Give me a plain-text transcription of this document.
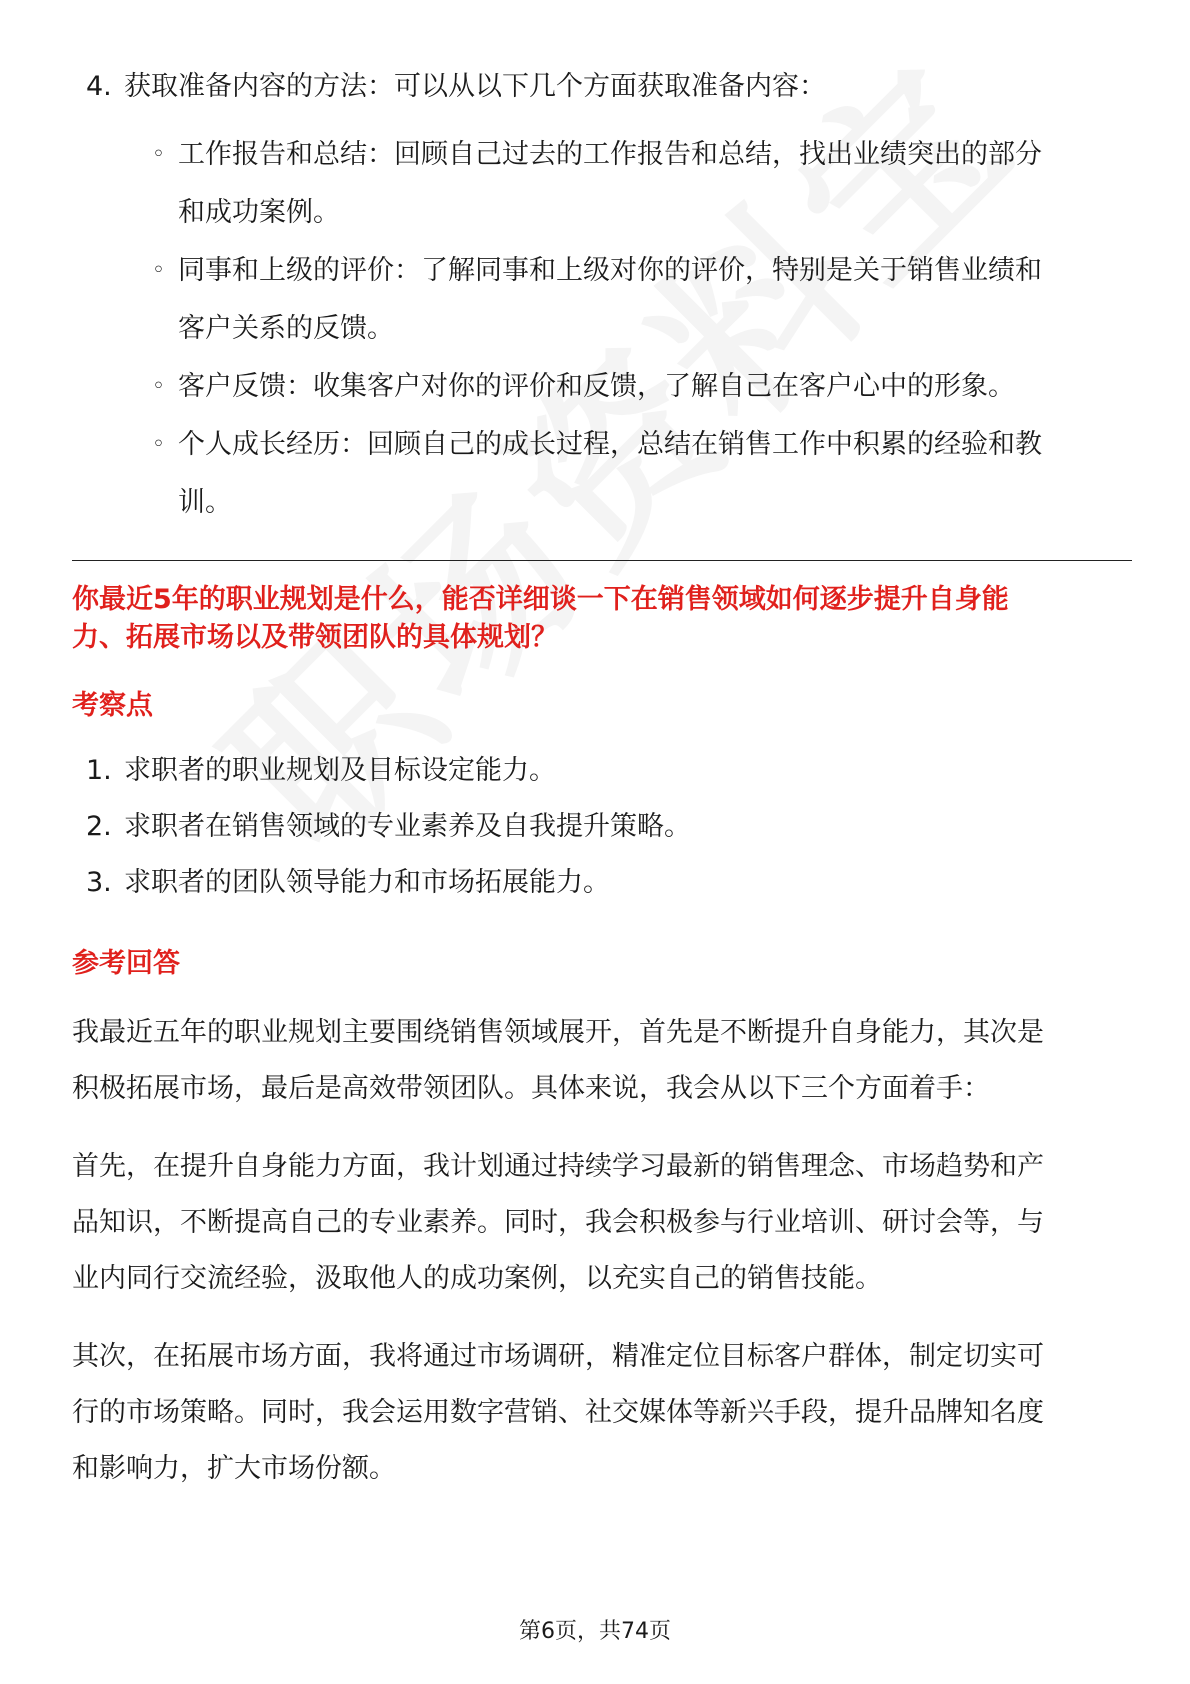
4. 获取准备内容的方法：可以从以下几个方面获取准备内容：
◦ 工作报告和总结：回顾自己过去的工作报告和总结，找出业绩突出的部分
和成功案例。
◦ 同事和上级的评价：了解同事和上级对你的评价，特别是关于销售业绩和
客户关系的反馈。
◦ 客户反馈：收集客户对你的评价和反馈，了解自己在客户心中的形象。
◦ 个人成长经历：回顾自己的成长过程，总结在销售工作中积累的经验和教
训。
你最近5年的职业规划是什么，能否详细谈一下在销售领域如何逐步提升自身能
力、拓展市场以及带领团队的具体规划？
考察点
1. 求职者的职业规划及目标设定能力。
2. 求职者在销售领域的专业素养及自我提升策略。
3. 求职者的团队领导能力和市场拓展能力。
参考回答
我最近五年的职业规划主要围绕销售领域展开，首先是不断提升自身能力，其次是
积极拓展市场，最后是高效带领团队。具体来说，我会从以下三个方面着手：
首先，在提升自身能力方面，我计划通过持续学习最新的销售理念、市场趋势和产
品知识，不断提高自己的专业素养。同时，我会积极参与行业培训、研讨会等，与
业内同行交流经验，汲取他人的成功案例，以充实自己的销售技能。
其次，在拓展市场方面，我将通过市场调研，精准定位目标客户群体，制定切实可
行的市场策略。同时，我会运用数字营销、社交媒体等新兴手段，提升品牌知名度
和影响力，扩大市场份额。
第6页，共74页
